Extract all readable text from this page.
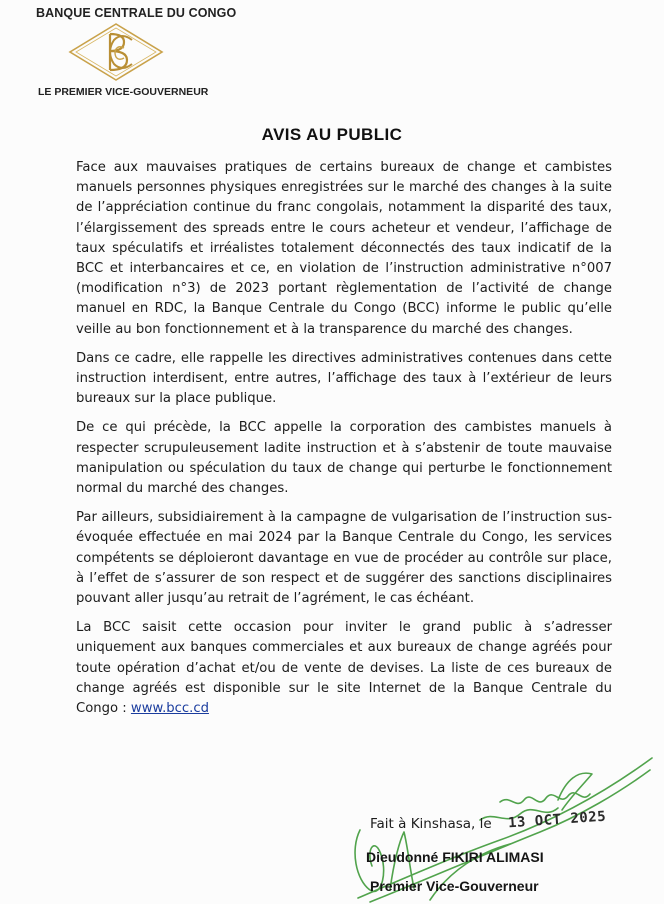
BANQUE CENTRALE DU CONGO
LE PREMIER VICE-GOUVERNEUR
AVIS AU PUBLIC

Face aux mauvaises pratiques de certains bureaux de change et cambistes manuels personnes physiques enregistrées sur le marché des changes à la suite de l’appréciation continue du franc congolais, notamment la disparité des taux, l’élargissement des spreads entre le cours acheteur et vendeur, l’affichage de taux spéculatifs et irréalistes totalement déconnectés des taux indicatif de la BCC et interbancaires et ce, en violation de l’instruction administrative n°007 (modification n°3) de 2023 portant règlementation de l’activité de change manuel en RDC, la Banque Centrale du Congo (BCC) informe le public qu’elle veille au bon fonctionnement et à la transparence du marché des changes.

Dans ce cadre, elle rappelle les directives administratives contenues dans cette instruction interdisent, entre autres, l’affichage des taux à l’extérieur de leurs bureaux sur la place publique.

De ce qui précède, la BCC appelle la corporation des cambistes manuels à respecter scrupuleusement ladite instruction et à s’abstenir de toute mauvaise manipulation ou spéculation du taux de change qui perturbe le fonctionnement normal du marché des changes.

Par ailleurs, subsidiairement à la campagne de vulgarisation de l’instruction sus-évoquée effectuée en mai 2024 par la Banque Centrale du Congo, les services compétents se déploieront davantage en vue de procéder au contrôle sur place, à l’effet de s’assurer de son respect et de suggérer des sanctions disciplinaires pouvant aller jusqu’au retrait de l’agrément, le cas échéant.

La BCC saisit cette occasion pour inviter le grand public à s’adresser uniquement aux banques commerciales et aux bureaux de change agréés pour toute opération d’achat et/ou de vente de devises. La liste de ces bureaux de change agréés est disponible sur le site Internet de la Banque Centrale du Congo : www.bcc.cd

Fait à Kinshasa, le 13 OCT 2025
Dieudonné FIKIRI ALIMASI
Premier Vice-Gouverneur
